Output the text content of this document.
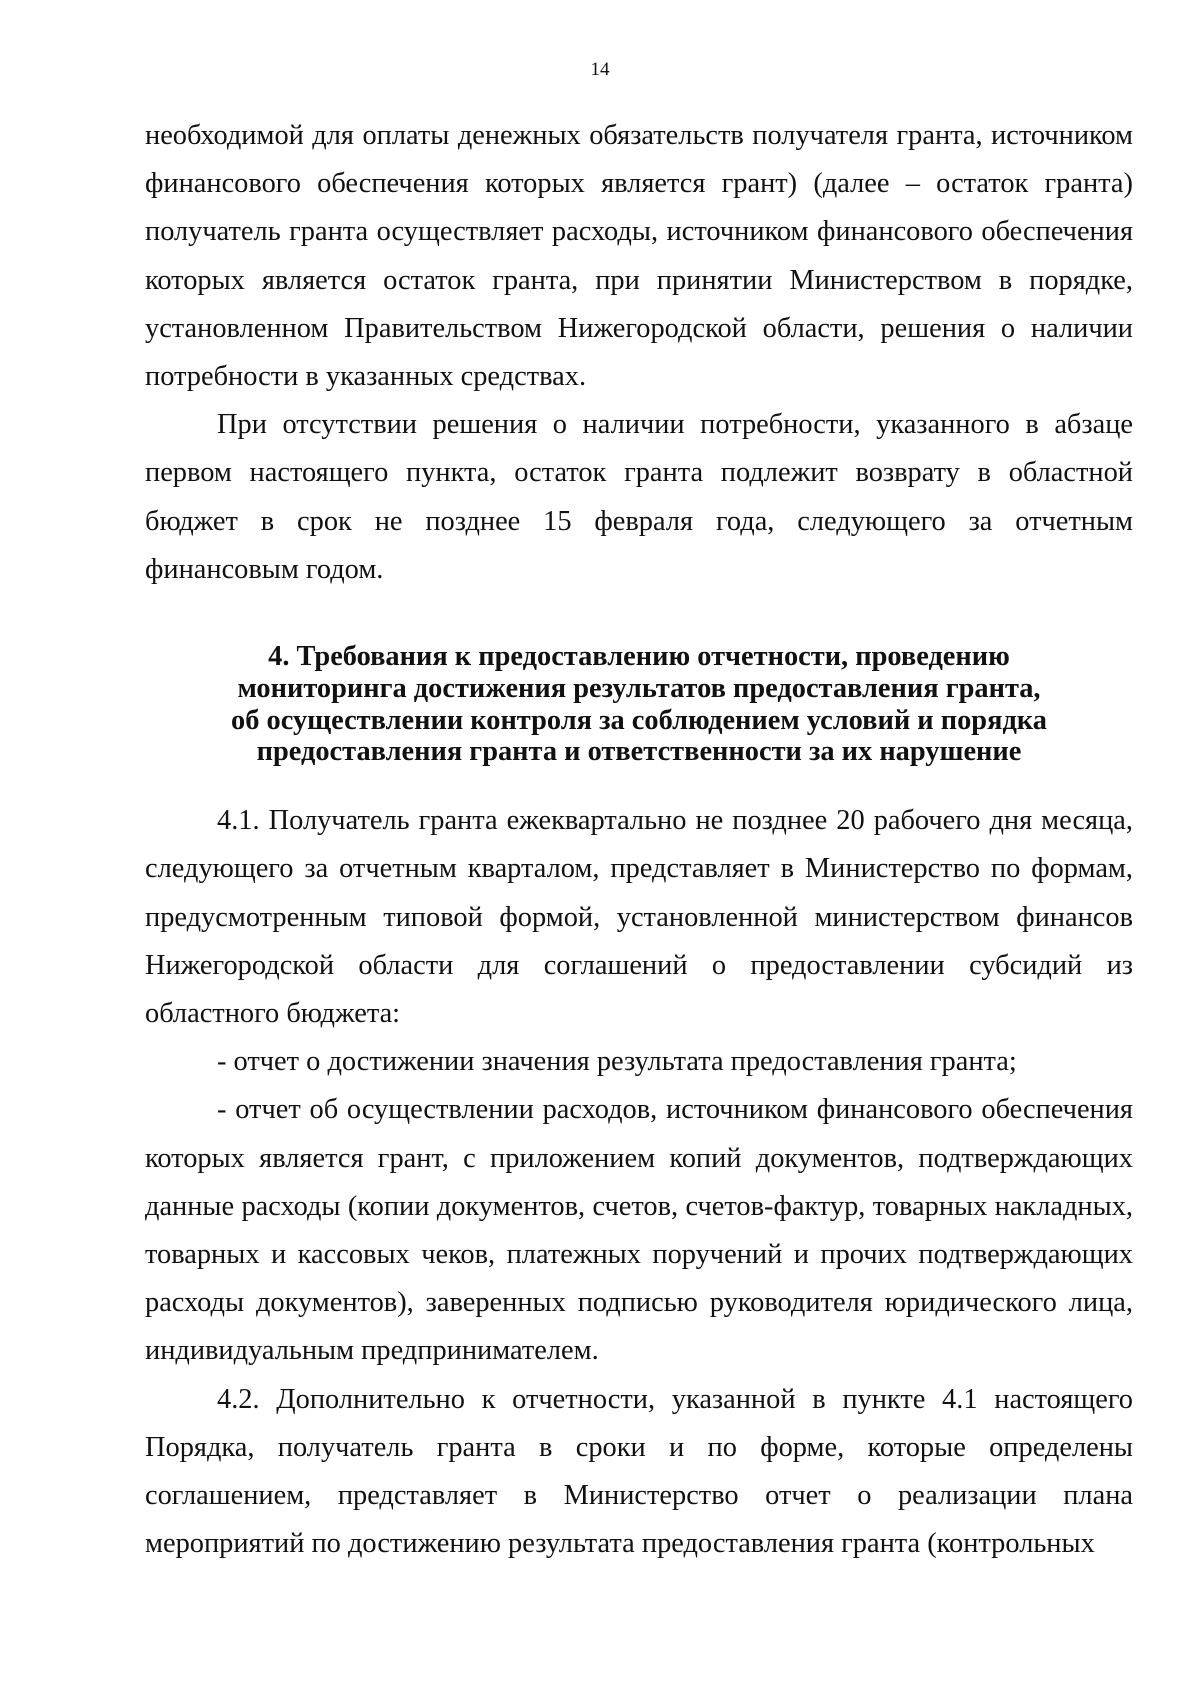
14

необходимой для оплаты денежных обязательств получателя гранта, источником финансового обеспечения которых является грант) (далее – остаток гранта) получатель гранта осуществляет расходы, источником финансового обеспечения которых является остаток гранта, при принятии Министерством в порядке, установленном Правительством Нижегородской области, решения о наличии потребности в указанных средствах.

При отсутствии решения о наличии потребности, указанного в абзаце первом настоящего пункта, остаток гранта подлежит возврату в областной бюджет в срок не позднее 15 февраля года, следующего за отчетным финансовым годом.

4. Требования к предоставлению отчетности, проведению
мониторинга достижения результатов предоставления гранта,
об осуществлении контроля за соблюдением условий и порядка
предоставления гранта и ответственности за их нарушение

4.1. Получатель гранта ежеквартально не позднее 20 рабочего дня месяца, следующего за отчетным кварталом, представляет в Министерство по формам, предусмотренным типовой формой, установленной министерством финансов Нижегородской области для соглашений о предоставлении субсидий из областного бюджета:

- отчет о достижении значения результата предоставления гранта;

- отчет об осуществлении расходов, источником финансового обеспечения которых является грант, с приложением копий документов, подтверждающих данные расходы (копии документов, счетов, счетов-фактур, товарных накладных, товарных и кассовых чеков, платежных поручений и прочих подтверждающих расходы документов), заверенных подписью руководителя юридического лица, индивидуальным предпринимателем.

4.2. Дополнительно к отчетности, указанной в пункте 4.1 настоящего Порядка, получатель гранта в сроки и по форме, которые определены соглашением, представляет в Министерство отчет о реализации плана мероприятий по достижению результата предоставления гранта (контрольных
